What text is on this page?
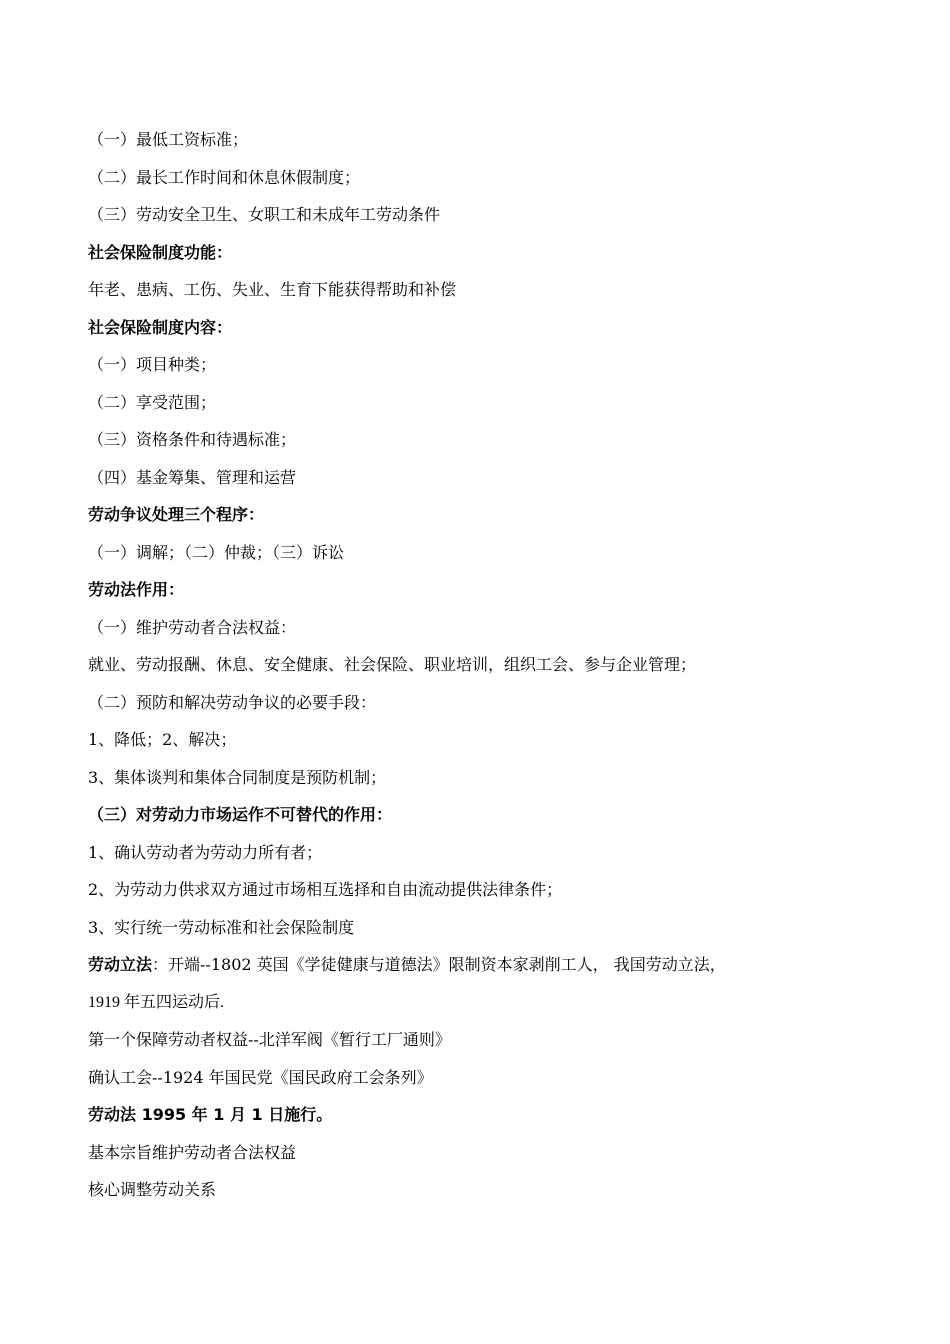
（一）最低工资标准；
（二）最长工作时间和休息休假制度；
（三）劳动安全卫生、女职工和未成年工劳动条件
社会保险制度功能：
年老、患病、工伤、失业、生育下能获得帮助和补偿
社会保险制度内容：
（一）项目种类；
（二）享受范围；
（三）资格条件和待遇标准；
（四）基金筹集、管理和运营
劳动争议处理三个程序：
（一）调解；（二）仲裁；（三）诉讼
劳动法作用：
（一）维护劳动者合法权益：
就业、劳动报酬、休息、安全健康、社会保险、职业培训，组织工会、参与企业管理；
（二）预防和解决劳动争议的必要手段：
1、降低；2、解决；
3、集体谈判和集体合同制度是预防机制；
（三）对劳动力市场运作不可替代的作用：
1、确认劳动者为劳动力所有者；
2、为劳动力供求双方通过市场相互选择和自由流动提供法律条件；
3、实行统一劳动标准和社会保险制度
劳动立法：开端--1802 英国《学徒健康与道德法》限制资本家剥削工人， 我国劳动立法，
1919 年五四运动后.
第一个保障劳动者权益--北洋军阀《暂行工厂通则》
确认工会--1924 年国民党《国民政府工会条列》
劳动法 1995 年 1 月 1 日施行。
基本宗旨维护劳动者合法权益
核心调整劳动关系
